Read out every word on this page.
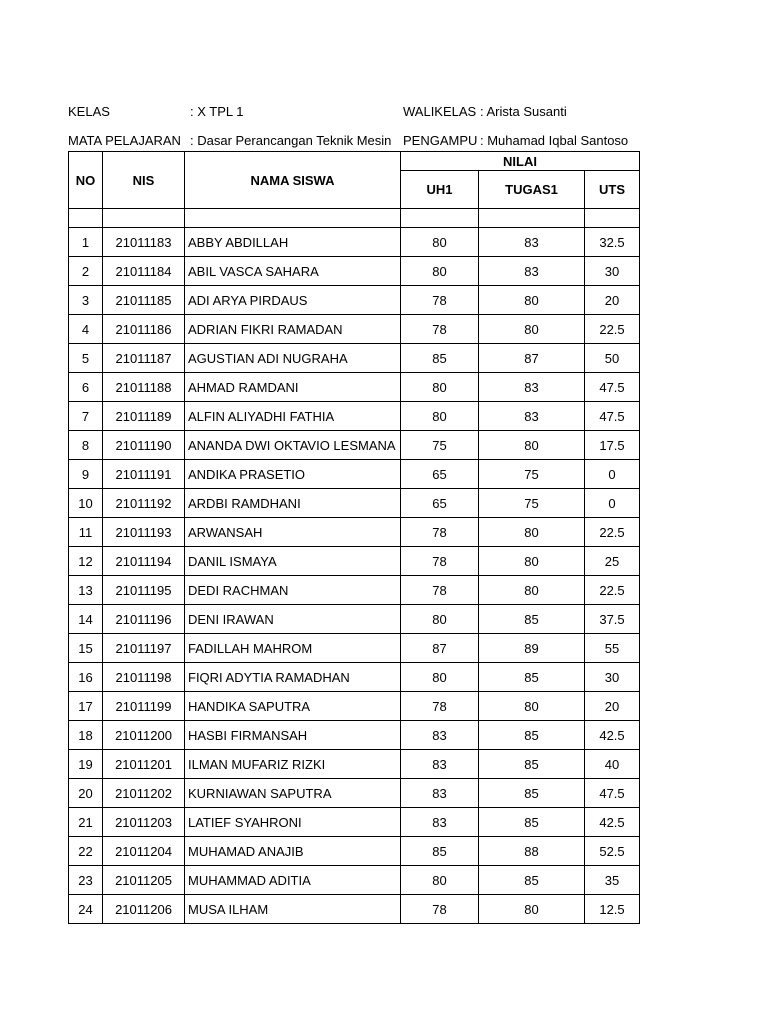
KELAS	: X TPL 1	WALIKELAS : Arista Susanti
MATA PELAJARAN : Dasar Perancangan Teknik Mesin PENGAMPU : Muhamad Iqbal Santoso
NO	NIS	NAMA SISWA	NILAI		
			UH1	TUGAS1	UTS

1	21011183	ABBY ABDILLAH	80	83	32.5
2	21011184	ABIL VASCA SAHARA	80	83	30
3	21011185	ADI ARYA PIRDAUS	78	80	20
4	21011186	ADRIAN FIKRI RAMADAN	78	80	22.5
5	21011187	AGUSTIAN ADI NUGRAHA	85	87	50
6	21011188	AHMAD RAMDANI	80	83	47.5
7	21011189	ALFIN ALIYADHI FATHIA	80	83	47.5
8	21011190	ANANDA DWI OKTAVIO LESMANA	75	80	17.5
9	21011191	ANDIKA PRASETIO	65	75	0
10	21011192	ARDBI RAMDHANI	65	75	0
11	21011193	ARWANSAH	78	80	22.5
12	21011194	DANIL ISMAYA	78	80	25
13	21011195	DEDI RACHMAN	78	80	22.5
14	21011196	DENI IRAWAN	80	85	37.5
15	21011197	FADILLAH MAHROM	87	89	55
16	21011198	FIQRI ADYTIA RAMADHAN	80	85	30
17	21011199	HANDIKA SAPUTRA	78	80	20
18	21011200	HASBI FIRMANSAH	83	85	42.5
19	21011201	ILMAN MUFARIZ RIZKI	83	85	40
20	21011202	KURNIAWAN SAPUTRA	83	85	47.5
21	21011203	LATIEF SYAHRONI	83	85	42.5
22	21011204	MUHAMAD ANAJIB	85	88	52.5
23	21011205	MUHAMMAD ADITIA	80	85	35
24	21011206	MUSA ILHAM	78	80	12.5
